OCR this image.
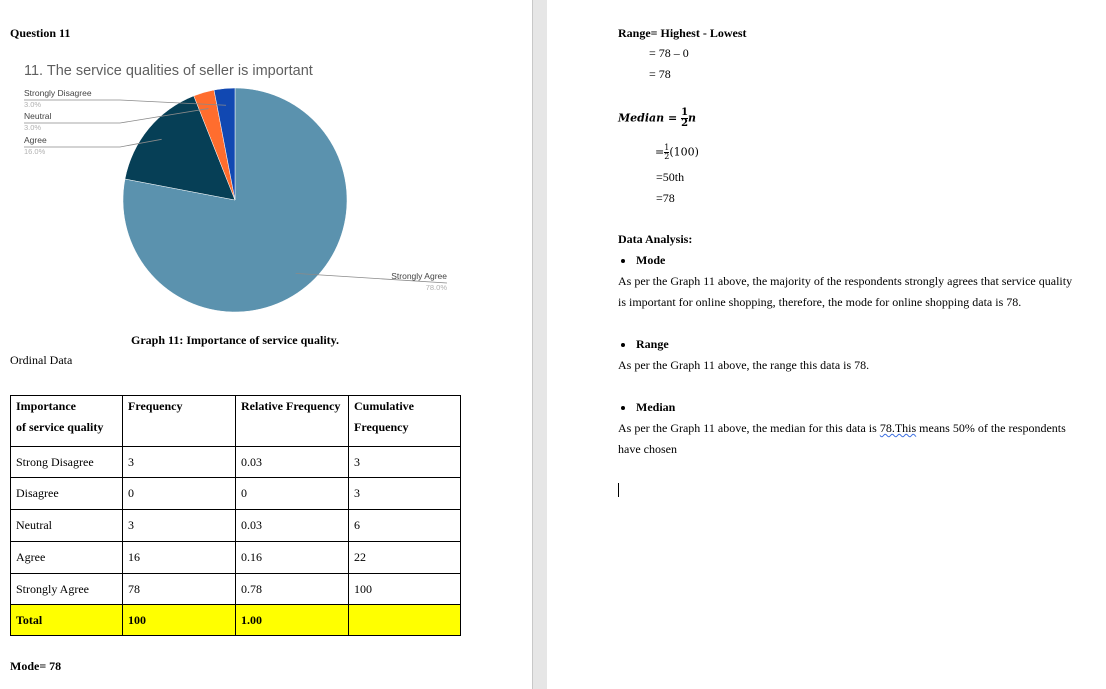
Question 11
11. The service qualities of seller is important
Strongly Agree
78.0%
Agree
16.0%
Neutral
3.0%
Strongly Disagree
3.0%
Graph 11: Importance of service quality.
Ordinal Data
Importance
of service quality	Frequency	Relative Frequency	Cumulative
Frequency
Strong Disagree	3	0.03	3
Disagree	0	0	3
Neutral	3	0.03	6
Agree	16	0.16	22
Strongly Agree	78	0.78	100
Total	100	1.00	
Mode= 78
Range= Highest - Lowest
= 78 – 0
= 78
Median = $\frac{1}{2}$ n
= $\frac{1}{2} (100)$
=50th
=78
Data Analysis:
Mode
As per the Graph 11 above, the majority of the respondents strongly agrees that service quality
is important for online shopping, therefore, the mode for online shopping data is 78.
Range
As per the Graph 11 above, the range this data is 78.
Median
As per the Graph 11 above, the median for this data is 78.This means 50% of the respondents
have chosen
